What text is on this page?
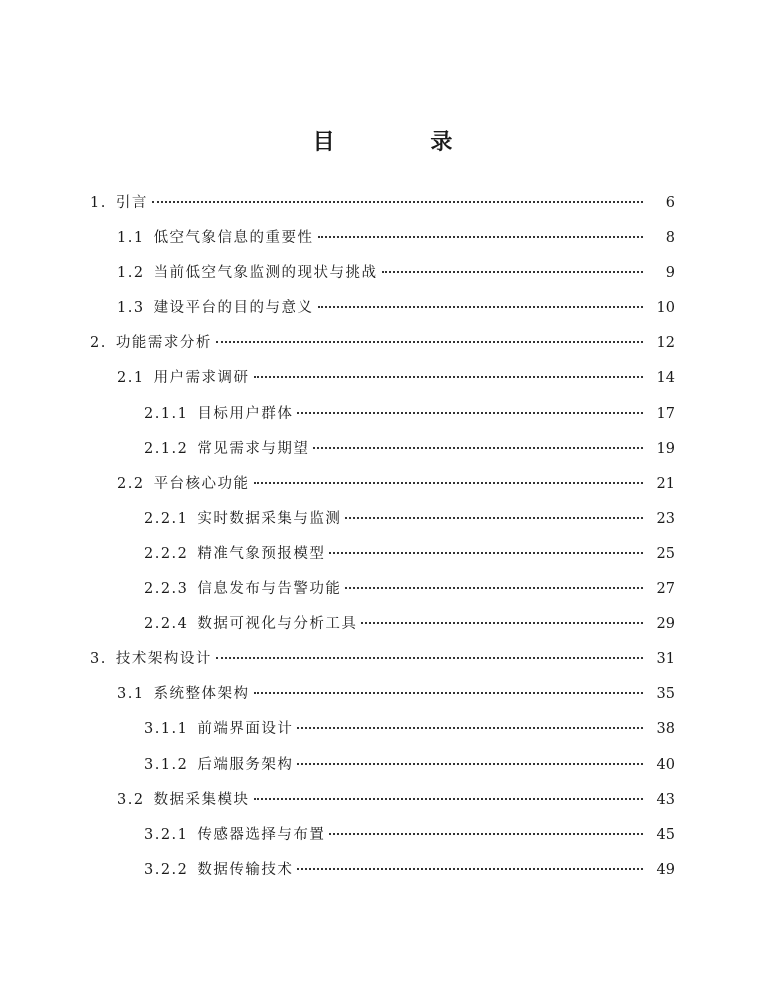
目 录
1. 引言	6
1.1 低空气象信息的重要性	8
1.2 当前低空气象监测的现状与挑战	9
1.3 建设平台的目的与意义	10
2. 功能需求分析	12
2.1 用户需求调研	14
2.1.1 目标用户群体	17
2.1.2 常见需求与期望	19
2.2 平台核心功能	21
2.2.1 实时数据采集与监测	23
2.2.2 精准气象预报模型	25
2.2.3 信息发布与告警功能	27
2.2.4 数据可视化与分析工具	29
3. 技术架构设计	31
3.1 系统整体架构	35
3.1.1 前端界面设计	38
3.1.2 后端服务架构	40
3.2 数据采集模块	43
3.2.1 传感器选择与布置	45
3.2.2 数据传输技术	49
